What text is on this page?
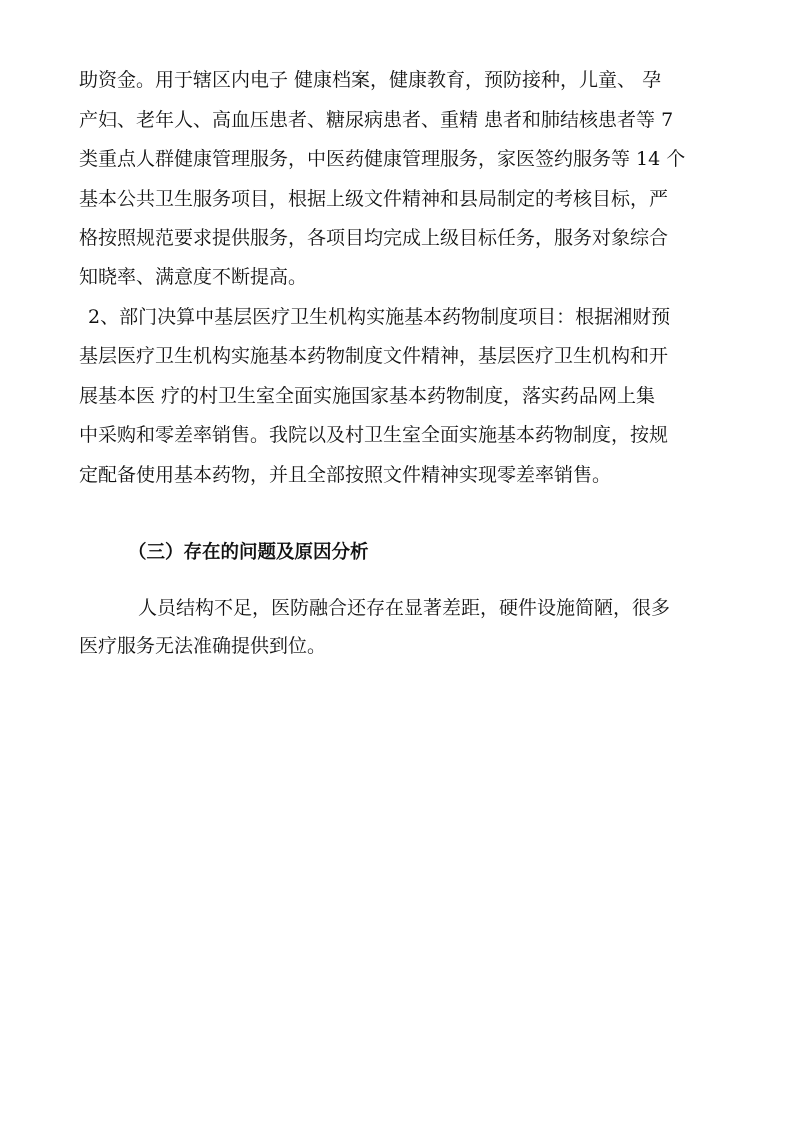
助资金。用于辖区内电子 健康档案，健康教育，预防接种，儿童、 孕
产妇、老年人、高血压患者、糖尿病患者、重精 患者和肺结核患者等 7
类重点人群健康管理服务，中医药健康管理服务，家医签约服务等 14 个
基本公共卫生服务项目，根据上级文件精神和县局制定的考核目标，严
格按照规范要求提供服务，各项目均完成上级目标任务，服务对象综合
知晓率、满意度不断提高。
2、部门决算中基层医疗卫生机构实施基本药物制度项目：根据湘财预
基层医疗卫生机构实施基本药物制度文件精神，基层医疗卫生机构和开
展基本医 疗的村卫生室全面实施国家基本药物制度，落实药品网上集
中采购和零差率销售。我院以及村卫生室全面实施基本药物制度，按规
定配备使用基本药物，并且全部按照文件精神实现零差率销售。
（三）存在的问题及原因分析
人员结构不足，医防融合还存在显著差距，硬件设施简陋，很多
医疗服务无法准确提供到位。
